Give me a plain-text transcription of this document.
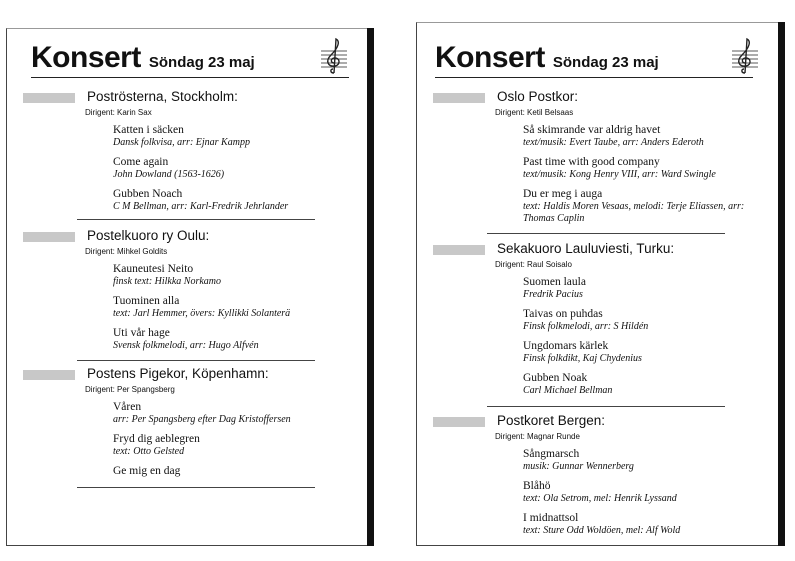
Konsert Söndag 23 maj
Poströsterna, Stockholm:
Dirigent: Karin Sax
Katten i säcken
Dansk folkvisa, arr: Ejnar Kampp
Come again
John Dowland (1563-1626)
Gubben Noach
C M Bellman, arr: Karl-Fredrik Jehrlander
Postelkuoro ry Oulu:
Dirigent: Mihkel Goldits
Kauneutesi Neito
finsk text: Hilkka Norkamo
Tuominen alla
text: Jarl Hemmer, övers: Kyllikki Solanterä
Uti vår hage
Svensk folkmelodi, arr: Hugo Alfvén
Postens Pigekor, Köpenhamn:
Dirigent: Per Spangsberg
Våren
arr: Per Spangsberg efter Dag Kristoffersen
Fryd dig aeblegren
text: Otto Gelsted
Ge mig en dag
Konsert Söndag 23 maj
Oslo Postkor:
Dirigent: Ketil Belsaas
Så skimrande var aldrig havet
text/musik: Evert Taube, arr: Anders Ederoth
Past time with good company
text/musik: Kong Henry VIII, arr: Ward Swingle
Du er meg i auga
text: Haldis Moren Vesaas, melodi: Terje Eliassen, arr: Thomas Caplin
Sekakuoro Lauluviesti, Turku:
Dirigent: Raul Soisalo
Suomen laula
Fredrik Pacius
Taivas on puhdas
Finsk folkmelodi, arr: S Hildén
Ungdomars kärlek
Finsk folkdikt, Kaj Chydenius
Gubben Noak
Carl Michael Bellman
Postkoret Bergen:
Dirigent: Magnar Runde
Sångmarsch
musik: Gunnar Wennerberg
Blåhö
text: Ola Setrom, mel: Henrik Lyssand
I midnattsol
text: Sture Odd Woldöen, mel: Alf Wold
